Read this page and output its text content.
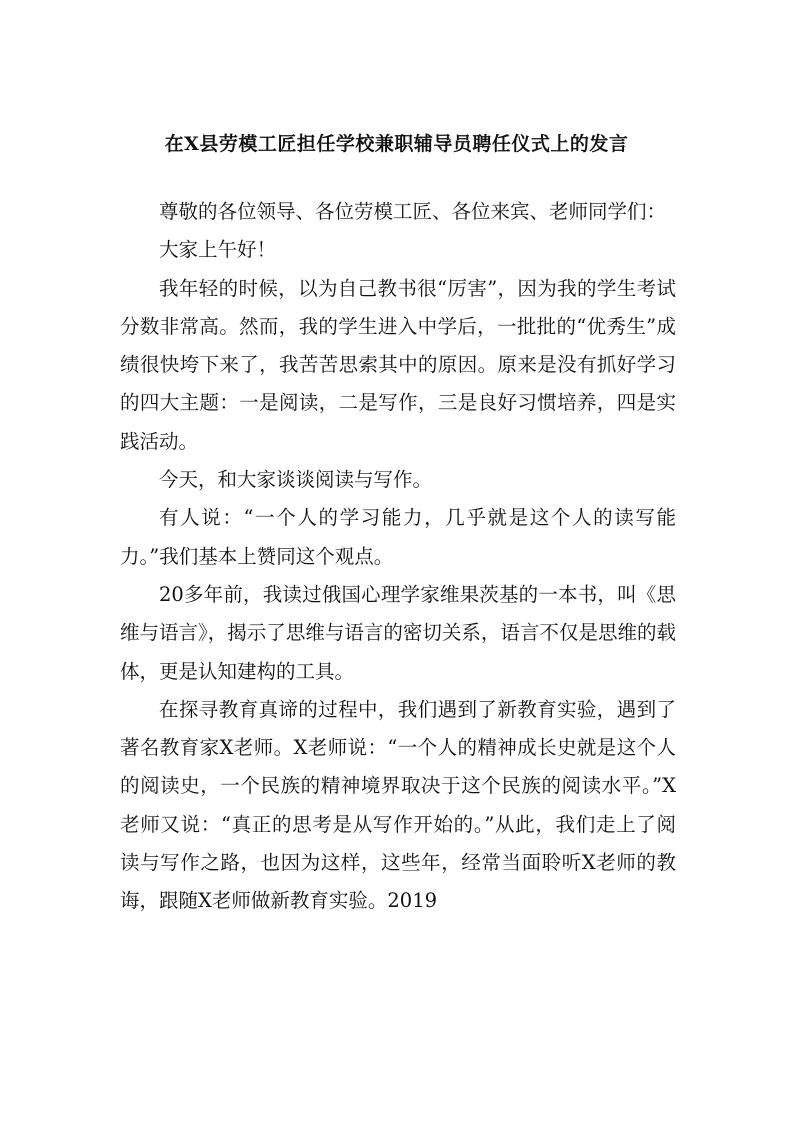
在X县劳模工匠担任学校兼职辅导员聘任仪式上的发言

尊敬的各位领导、各位劳模工匠、各位来宾、老师同学们：

大家上午好！

我年轻的时候，以为自己教书很“厉害”，因为我的学生考试分数非常高。然而，我的学生进入中学后，一批批的“优秀生”成绩很快垮下来了，我苦苦思索其中的原因。原来是没有抓好学习的四大主题：一是阅读，二是写作，三是良好习惯培养，四是实践活动。

今天，和大家谈谈阅读与写作。

有人说：“一个人的学习能力，几乎就是这个人的读写能力。”我们基本上赞同这个观点。

20多年前，我读过俄国心理学家维果茨基的一本书，叫《思维与语言》，揭示了思维与语言的密切关系，语言不仅是思维的载体，更是认知建构的工具。

在探寻教育真谛的过程中，我们遇到了新教育实验，遇到了著名教育家X老师。X老师说：“一个人的精神成长史就是这个人的阅读史，一个民族的精神境界取决于这个民族的阅读水平。”X老师又说：“真正的思考是从写作开始的。”从此，我们走上了阅读与写作之路，也因为这样，这些年，经常当面聆听X老师的教诲，跟随X老师做新教育实验。2019
